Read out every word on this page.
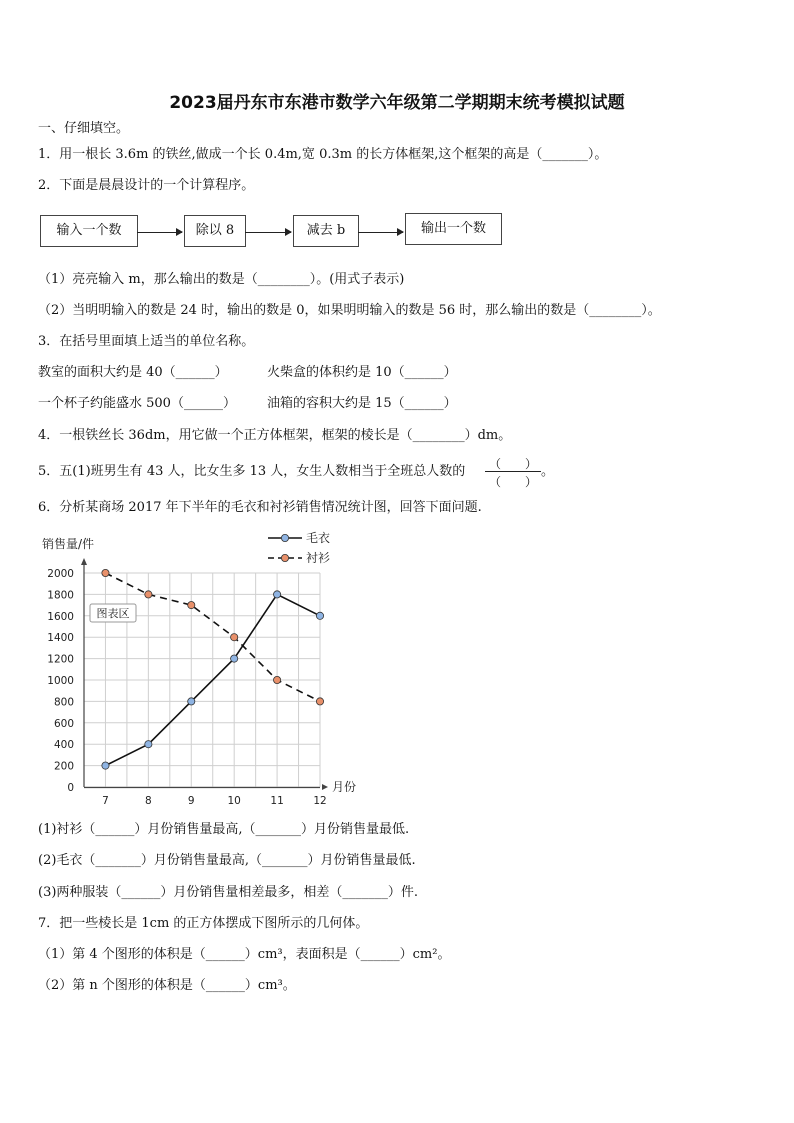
2023届丹东市东港市数学六年级第二学期期末统考模拟试题
一、仔细填空。
1．用一根长 3.6m 的铁丝,做成一个长 0.4m,宽 0.3m 的长方体框架,这个框架的高是（_______）。
2．下面是晨晨设计的一个计算程序。
输入一个数	除以 8	减去 b	输出一个数
（1）亮亮输入 m，那么输出的数是（________）。(用式子表示)
（2）当明明输入的数是 24 时，输出的数是 0，如果明明输入的数是 56 时，那么输出的数是（________）。
3．在括号里面填上适当的单位名称。
教室的面积大约是 40（______）	火柴盒的体积约是 10（______）
一个杯子约能盛水 500（______） 油箱的容积大约是 15（______）
4．一根铁丝长 36dm，用它做一个正方体框架，框架的棱长是（________）dm。
5．五(1)班男生有 43 人，比女生多 13 人，女生人数相当于全班总人数的	（　　）
（　　）
。
6．分析某商场 2017 年下半年的毛衣和衬衫销售情况统计图，回答下面问题.
0
200
400
600
800
1000
1200
1400
1600
1800
2000
7	8	9	10	11	12
销售量/件
月份
图表区
毛衣
衬衫
(1)衬衫（______）月份销售量最高,（_______）月份销售量最低.
(2)毛衣（_______）月份销售量最高,（_______）月份销售量最低.
(3)两种服装（______）月份销售量相差最多，相差（_______）件.
7．把一些棱长是 1cm 的正方体摆成下图所示的几何体。
（1）第 4 个图形的体积是（______）cm³，表面积是（______）cm²。
（2）第 n 个图形的体积是（______）cm³。
